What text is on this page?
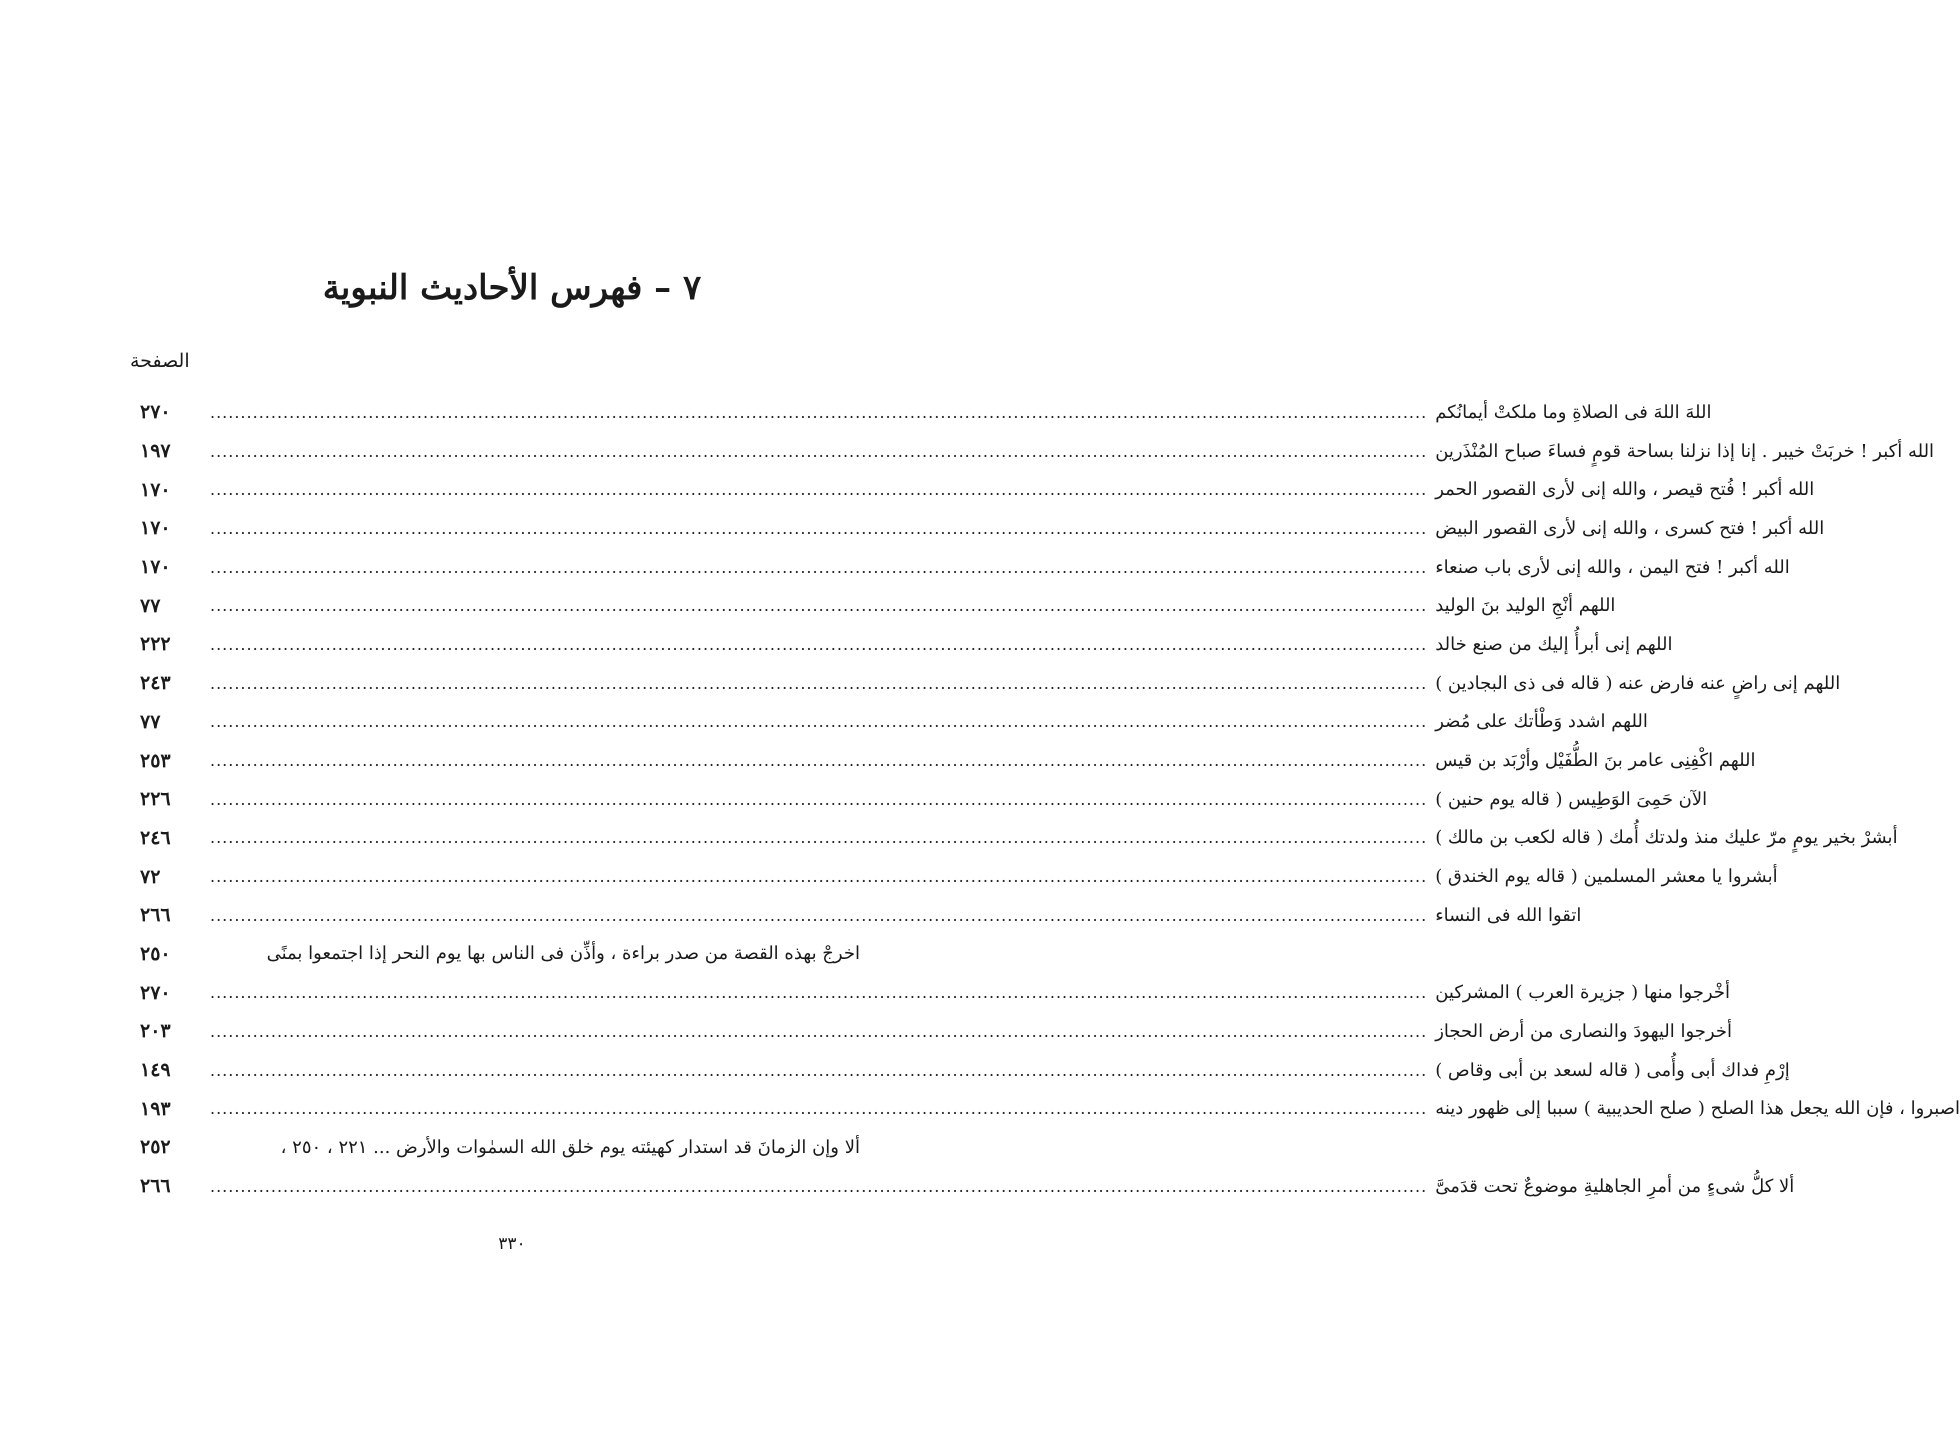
٧ – فهرس الأحاديث النبوية
الصفحة
٢٧٠	........................................................................................................................................................................................................ اللهَ اللهَ فى الصلاةِ وما ملكتْ أيمانُكم
١٩٧	........................................................................................................................................................................................................ الله أكبر ! خربَتْ خيبر . إنا إذا نزلنا بساحة قومٍ فساءَ صباح المُنْذَرين
١٧٠	........................................................................................................................................................................................................ الله أكبر ! فُتح قيصر ، والله إنى لأرى القصور الحمر
١٧٠	........................................................................................................................................................................................................ الله أكبر ! فتح كسرى ، والله إنى لأرى القصور البيض
١٧٠	........................................................................................................................................................................................................ الله أكبر ! فتح اليمن ، والله إنى لأرى باب صنعاء
٧٧	........................................................................................................................................................................................................ اللهم أنْجِ الوليد بنَ الوليد
٢٢٢	........................................................................................................................................................................................................ اللهم إنى أبرأُ إليك من صنع خالد
٢٤٣	........................................................................................................................................................................................................ اللهم إنى راضٍ عنه فارض عنه ( قاله فى ذى البجادين )
٧٧	........................................................................................................................................................................................................ اللهم اشدد وَطْأتك على مُضر
٢٥٣	........................................................................................................................................................................................................ اللهم اكْفِنِى عامر بنَ الطُّفَيْل وأرْبَد بن قيس
٢٢٦	........................................................................................................................................................................................................ الآن حَمِىَ الوَطِيس ( قاله يوم حنين )
٢٤٦	........................................................................................................................................................................................................ أبشرْ بخير يومٍ مرّ عليك منذ ولدتك أُمك ( قاله لكعب بن مالك )
٧٢	........................................................................................................................................................................................................ أبشروا يا معشر المسلمين ( قاله يوم الخندق )
٢٦٦	........................................................................................................................................................................................................ اتقوا الله فى النساء
٢٥٠	اخرجْ بهذه القصة من صدر براءة ، وأذِّن فى الناس بها يوم النحر إذا اجتمعوا بمنًى
٢٧٠	........................................................................................................................................................................................................ أخْرجوا منها ( جزيرة العرب ) المشركين
٢٠٣	........................................................................................................................................................................................................ أخرجوا اليهودَ والنصارى من أرض الحجاز
١٤٩	........................................................................................................................................................................................................ إرْمِ فداك أبى وأُمى ( قاله لسعد بن أبى وقاص )
١٩٣	........................................................................................................................................................................................................ اصبروا ، فإن الله يجعل هذا الصلح ( صلح الحديبية ) سببا إلى ظهور دينه
٢٥٢	ألا وإن الزمانَ قد استدار كهيئته يوم خلق الله السمٰوات والأرض ... ٢٢١ ، ٢٥٠ ،
٢٦٦	........................................................................................................................................................................................................ ألا كلُّ شىءٍ من أمرِ الجاهليةِ موضوعٌ تحت قدَمىَّ
٣٣٠
